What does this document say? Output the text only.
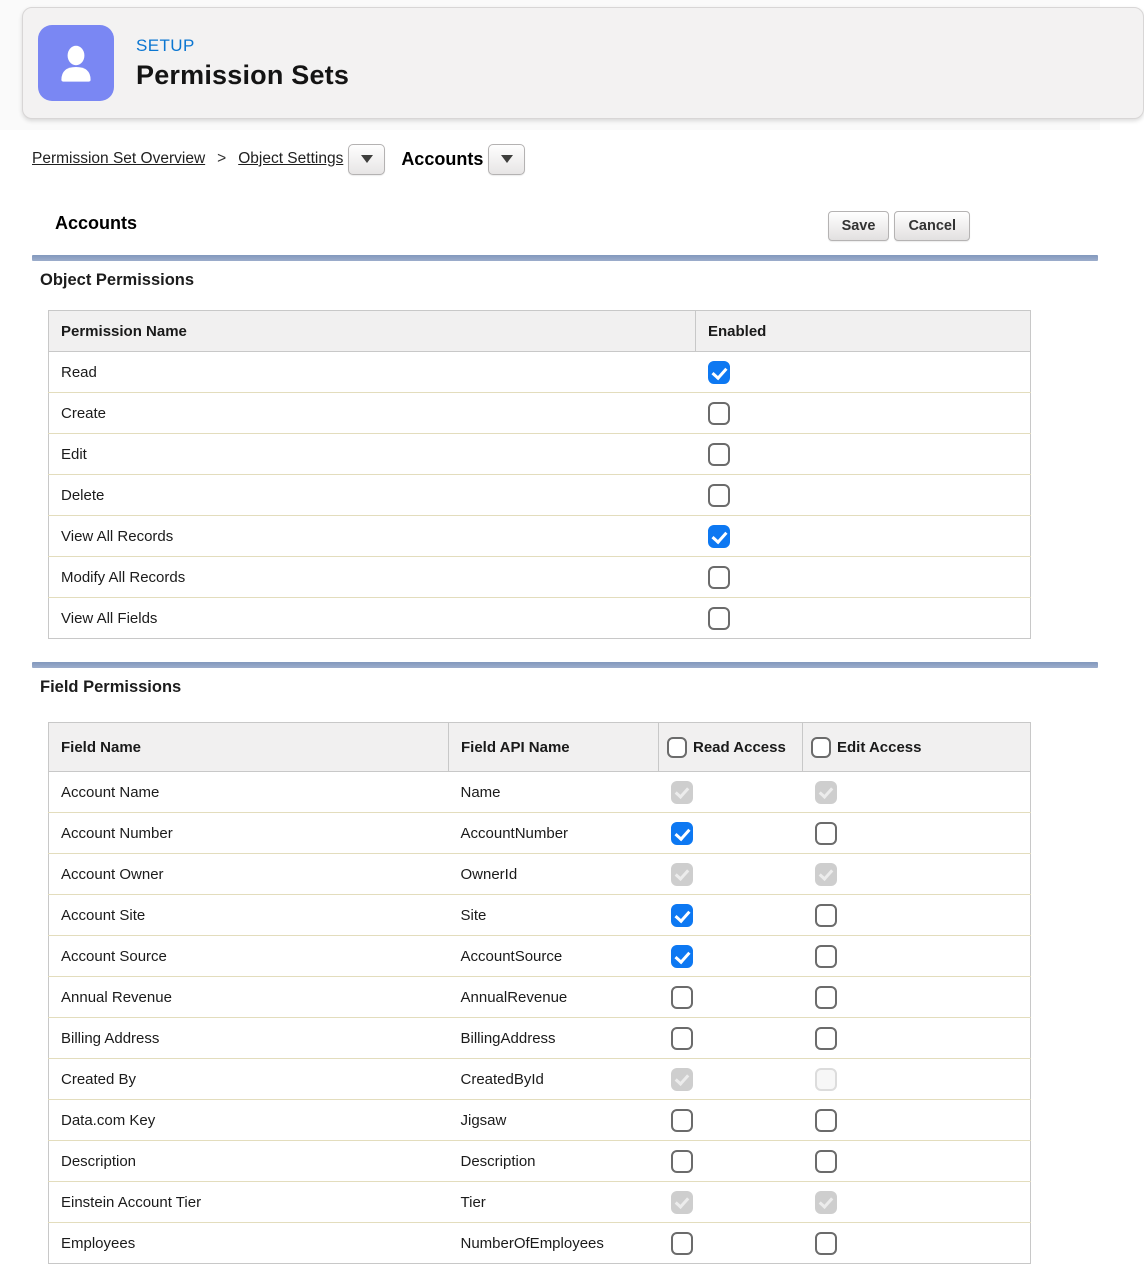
SETUP
Permission Sets
Permission Set Overview > Object Settings	Accounts
Accounts	Save	Cancel
Object Permissions
Permission Name	Enabled
Read	
Create	
Edit	
Delete	
View All Records	
Modify All Records	
View All Fields	
Field Permissions
Field Name	Field API Name	Read Access	Edit Access

Account Name	Name		
Account Number	AccountNumber		
Account Owner	OwnerId		
Account Site	Site		
Account Source	AccountSource		
Annual Revenue	AnnualRevenue		
Billing Address	BillingAddress		
Created By	CreatedById		
Data.com Key	Jigsaw		
Description	Description		
Einstein Account Tier	Tier		
Employees	NumberOfEmployees		
